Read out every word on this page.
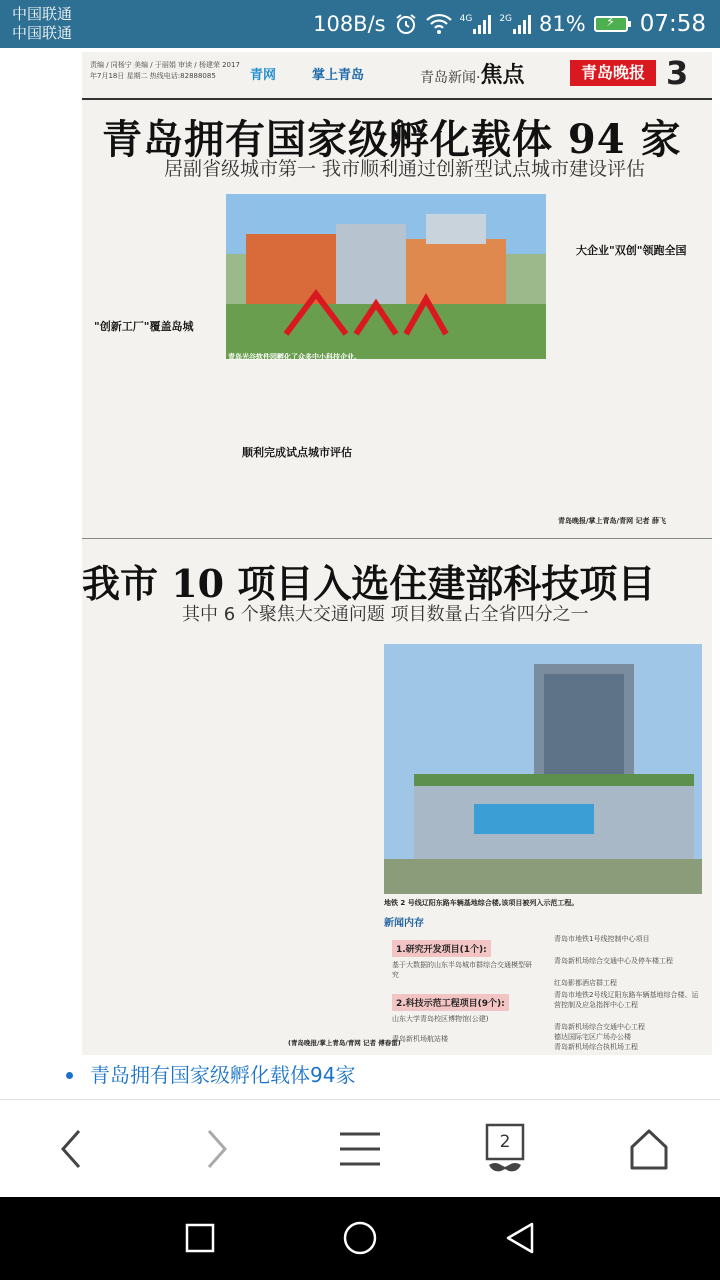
中国联通
中国联通	108B/s	4G	2G 81%	⚡	07:58
责编 / 同杨宁 美编 / 于丽娟 审读 / 杨建荣 2017年7月18日 星期二 热线电话:82888085	青网	掌上青岛	青岛新闻·焦点	青岛晚报 3
青岛拥有国家级孵化载体 94 家
居副省级城市第一 我市顺利通过创新型试点城市建设评估
"创新工厂"覆盖岛城
青岛光谷软件园孵化了众多中小科技企业。
顺利完成试点城市评估
大企业"双创"领跑全国
青岛晚报/掌上青岛/青网 记者 薛飞
我市 10 项目入选住建部科技项目
其中 6 个聚焦大交通问题 项目数量占全省四分之一
(青岛晚报/掌上青岛/青网 记者 傅春雷)
地铁 2 号线辽阳东路车辆基地综合楼,该项目被列入示范工程。
新闻内存
1.研究开发项目(1个):
基于大数据的山东半岛城市群综合交通模型研究
2.科技示范工程项目(9个):
山东大学青岛校区博物馆(公建)
青岛新机场航站楼
青岛市地铁1号线控制中心项目
青岛新机场综合交通中心及停车楼工程
红岛影都酒店群工程
青岛市地铁2号线辽阳东路车辆基地综合楼、运营控制及应急指挥中心工程
青岛新机场综合交通中心工程
德达国际宅区广场办公楼
青岛新机场综合执机场工程
青岛拥有国家级孵化载体94家
2
